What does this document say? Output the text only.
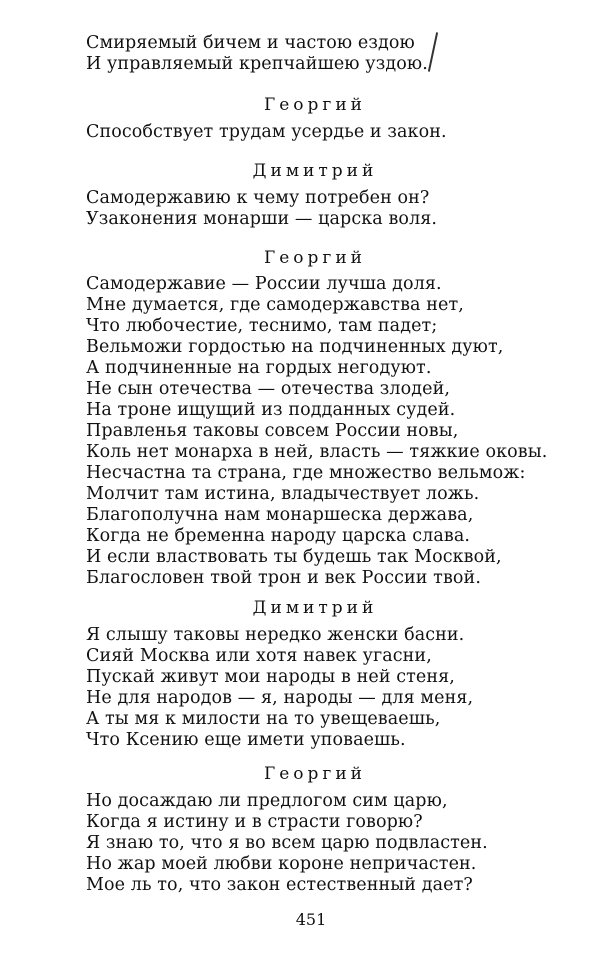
Смиряемый бичем и частою ездою
И управляемый крепчайшею уздою.
Георгий
Способствует трудам усердье и закон.
Димитрий
Самодержавию к чему потребен он?
Узаконения монарши — царска воля.
Георгий
Самодержавие — России лучша доля.
Мне думается, где самодержавства нет,
Что любочестие, теснимо, там падет;
Вельможи гордостью на подчиненных дуют,
А подчиненные на гордых негодуют.
Не сын отечества — отечества злодей,
На троне ищущий из подданных судей.
Правленья таковы совсем России новы,
Коль нет монарха в ней, власть — тяжкие оковы.
Несчастна та страна, где множество вельмож:
Молчит там истина, владычествует ложь.
Благополучна нам монаршеска держава,
Когда не бременна народу царска слава.
И если властвовать ты будешь так Москвой,
Благословен твой трон и век России твой.
Димитрий
Я слышу таковы нередко женски басни.
Сияй Москва или хотя навек угасни,
Пускай живут мои народы в ней стеня,
Не для народов — я, народы — для меня,
А ты мя к милости на то увещеваешь,
Что Ксению еще имети уповаешь.
Георгий
Но досаждаю ли предлогом сим царю,
Когда я истину и в страсти говорю?
Я знаю то, что я во всем царю подвластен.
Но жар моей любви короне непричастен.
Мое ль то, что закон естественный дает?
451
